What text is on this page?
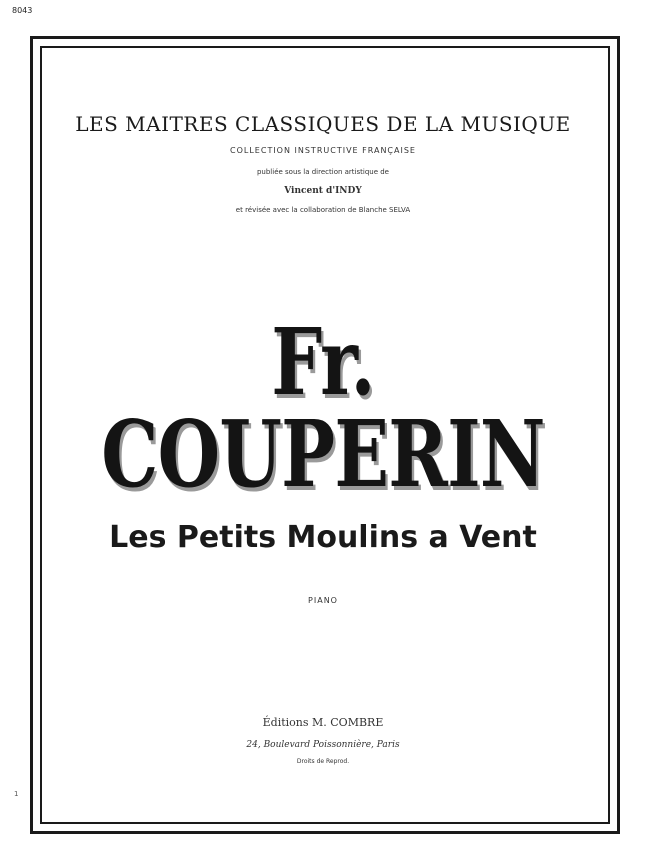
8043
LES MAITRES CLASSIQUES DE LA MUSIQUE
COLLECTION INSTRUCTIVE FRANÇAISE
publiée sous la direction artistique de
Vincent d'INDY
et révisée avec la collaboration de Blanche SELVA
Fr. COUPERIN
Les Petits Moulins a Vent
PIANO
Éditions M. COMBRE
24, Boulevard Poissonnière, Paris
Droits de Reprod.
1
